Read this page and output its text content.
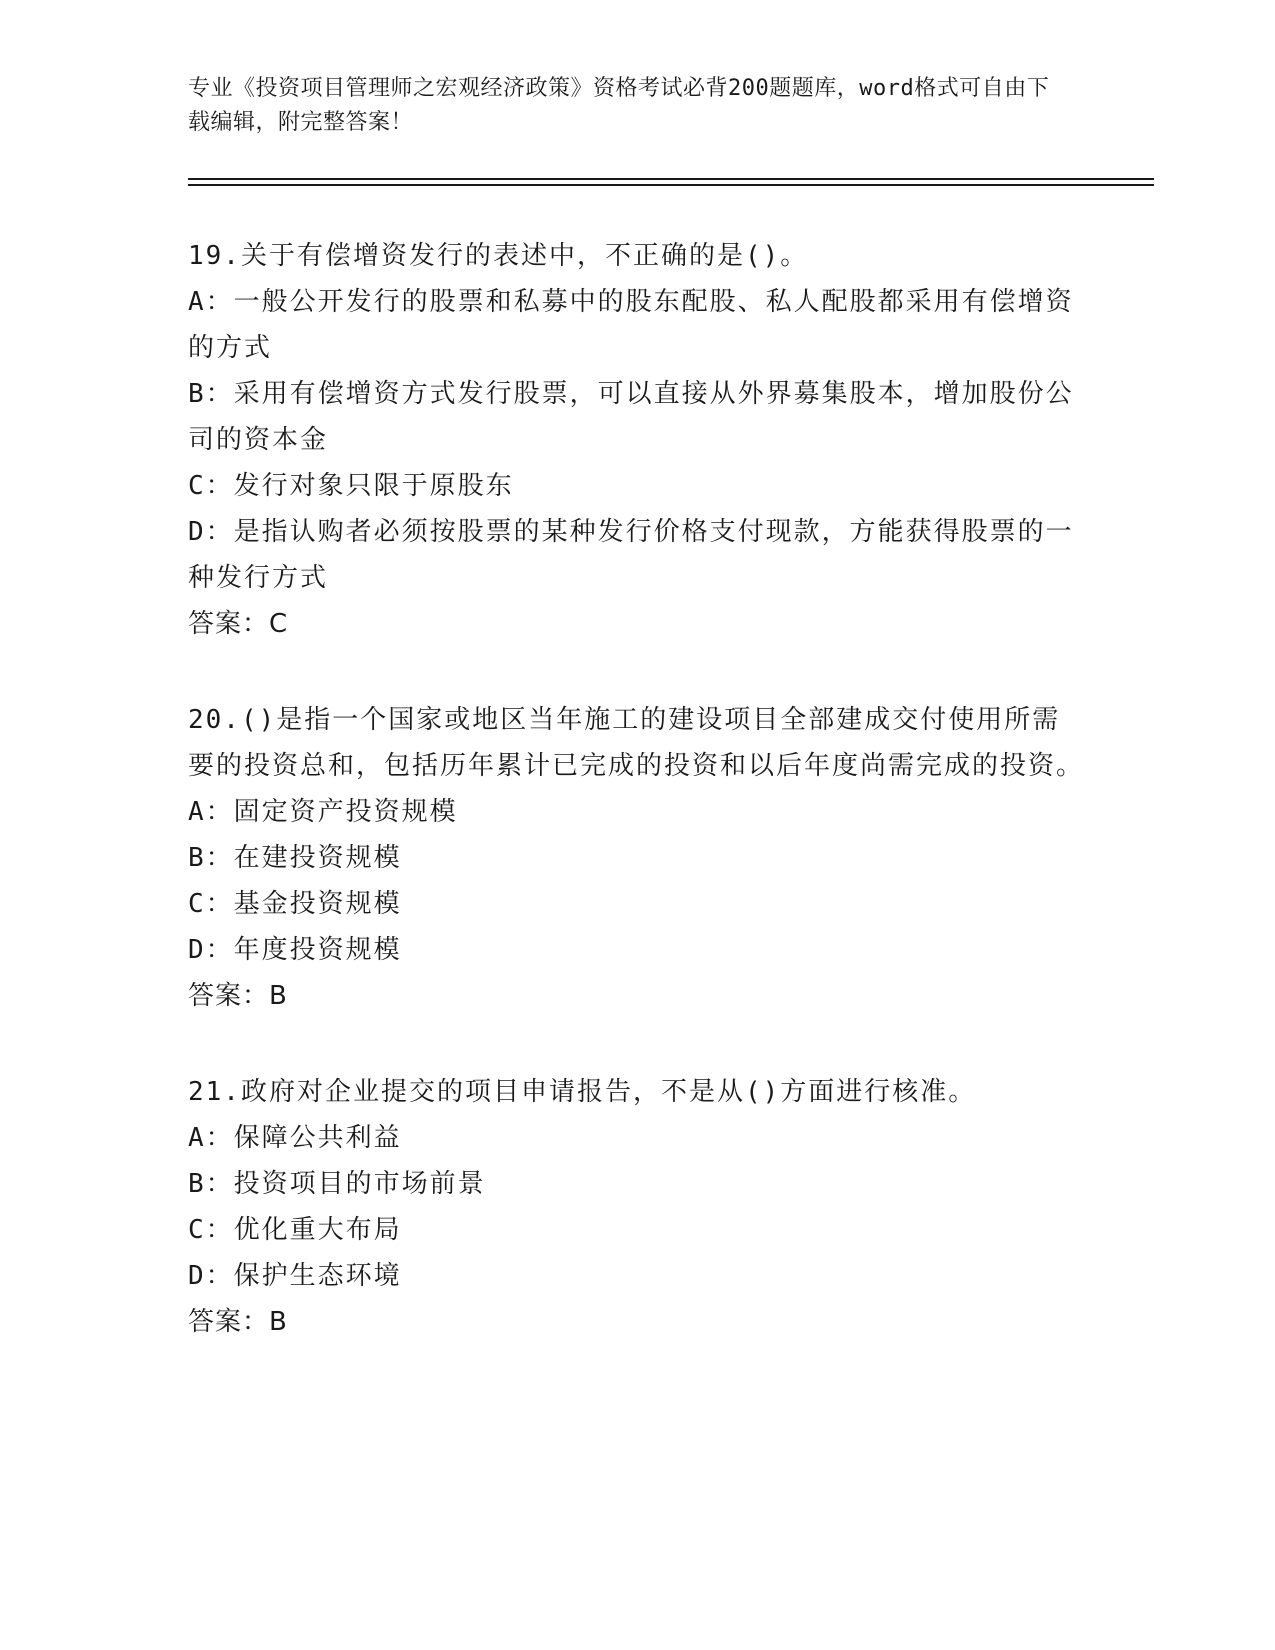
专业《投资项目管理师之宏观经济政策》资格考试必背200题题库，word格式可自由下载编辑，附完整答案！

19.关于有偿增资发行的表述中，不正确的是()。

A：一般公开发行的股票和私募中的股东配股、私人配股都采用有偿增资的方式

B：采用有偿增资方式发行股票，可以直接从外界募集股本，增加股份公司的资本金

C：发行对象只限于原股东

D：是指认购者必须按股票的某种发行价格支付现款，方能获得股票的一种发行方式

答案：C

20.()是指一个国家或地区当年施工的建设项目全部建成交付使用所需要的投资总和，包括历年累计已完成的投资和以后年度尚需完成的投资。

A：固定资产投资规模

B：在建投资规模

C：基金投资规模

D：年度投资规模

答案：B

21.政府对企业提交的项目申请报告，不是从()方面进行核准。

A：保障公共利益

B：投资项目的市场前景

C：优化重大布局

D：保护生态环境

答案：B
